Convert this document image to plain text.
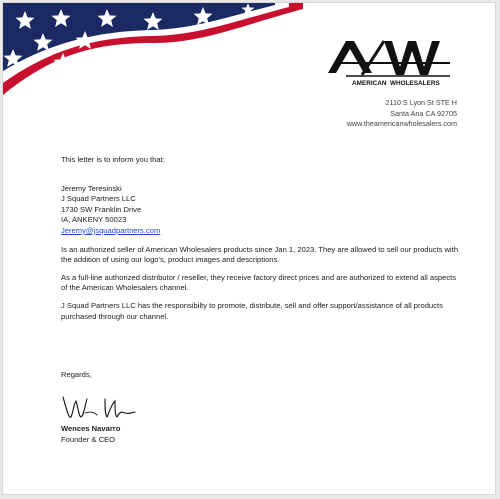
AMERICAN WHOLESALERS
2110 S Lyon St STE H
Santa Ana CA 92705
www.theamericanwholesalers.com

This letter is to inform you that:

Jeremy Teresinski
J Squad Partners LLC
1730 SW Franklin Drive
IA, ANKENY 50023
Jeremy@jsquadpartners.com

Is an authorized seller of American Wholesalers products since Jan 1, 2023. They are allowed to sell our products with the addition of using our logo's, product images and descriptions.

As a full-line authorized distributor / reseller, they receive factory direct prices and are authorized to extend all aspects of the American Wholesalers channel.

J Squad Partners LLC has the responsibilty to promote, distribute, sell and offer support/assistance of all products purchased through our channel.

Regards,
Wences Navarro
Founder & CEO
